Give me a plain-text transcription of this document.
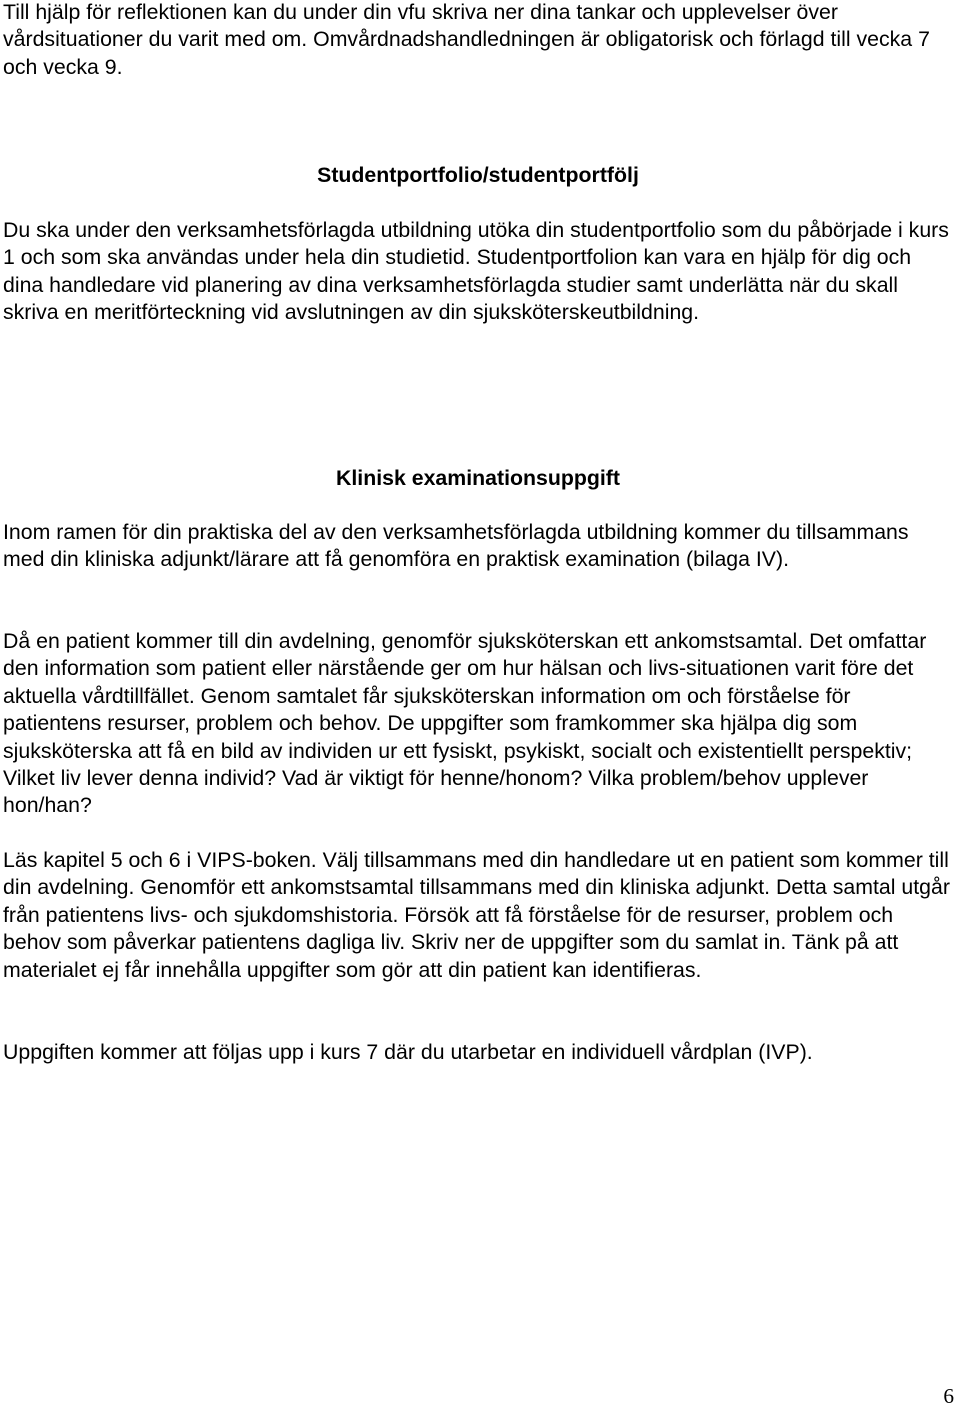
Till hjälp för reflektionen kan du under din vfu skriva ner dina tankar och upplevelser över vårdsituationer du varit med om. Omvårdnadshandledningen är obligatorisk och förlagd till vecka 7 och vecka 9.

Studentportfolio/studentportfölj

Du ska under den verksamhetsförlagda utbildning utöka din studentportfolio som du påbörjade i kurs 1 och som ska användas under hela din studietid. Studentportfolion kan vara en hjälp för dig och dina handledare vid planering av dina verksamhetsförlagda studier samt underlätta när du skall skriva en meritförteckning vid avslutningen av din sjuksköterskeutbildning.

Klinisk examinationsuppgift

Inom ramen för din praktiska del av den verksamhetsförlagda utbildning kommer du tillsammans med din kliniska adjunkt/lärare att få genomföra en praktisk examination (bilaga IV).

Då en patient kommer till din avdelning, genomför sjuksköterskan ett ankomstsamtal. Det omfattar den information som patient eller närstående ger om hur hälsan och livs-situationen varit före det aktuella vårdtillfället. Genom samtalet får sjuksköterskan information om och förståelse för patientens resurser, problem och behov. De uppgifter som framkommer ska hjälpa dig som sjuksköterska att få en bild av individen ur ett fysiskt, psykiskt, socialt och existentiellt perspektiv; Vilket liv lever denna individ? Vad är viktigt för henne/honom? Vilka problem/behov upplever hon/han?

Läs kapitel 5 och 6 i VIPS-boken. Välj tillsammans med din handledare ut en patient som kommer till din avdelning. Genomför ett ankomstsamtal tillsammans med din kliniska adjunkt. Detta samtal utgår från patientens livs- och sjukdomshistoria. Försök att få förståelse för de resurser, problem och behov som påverkar patientens dagliga liv. Skriv ner de uppgifter som du samlat in. Tänk på att materialet ej får innehålla uppgifter som gör att din patient kan identifieras.

Uppgiften kommer att följas upp i kurs 7 där du utarbetar en individuell vårdplan (IVP).

6
